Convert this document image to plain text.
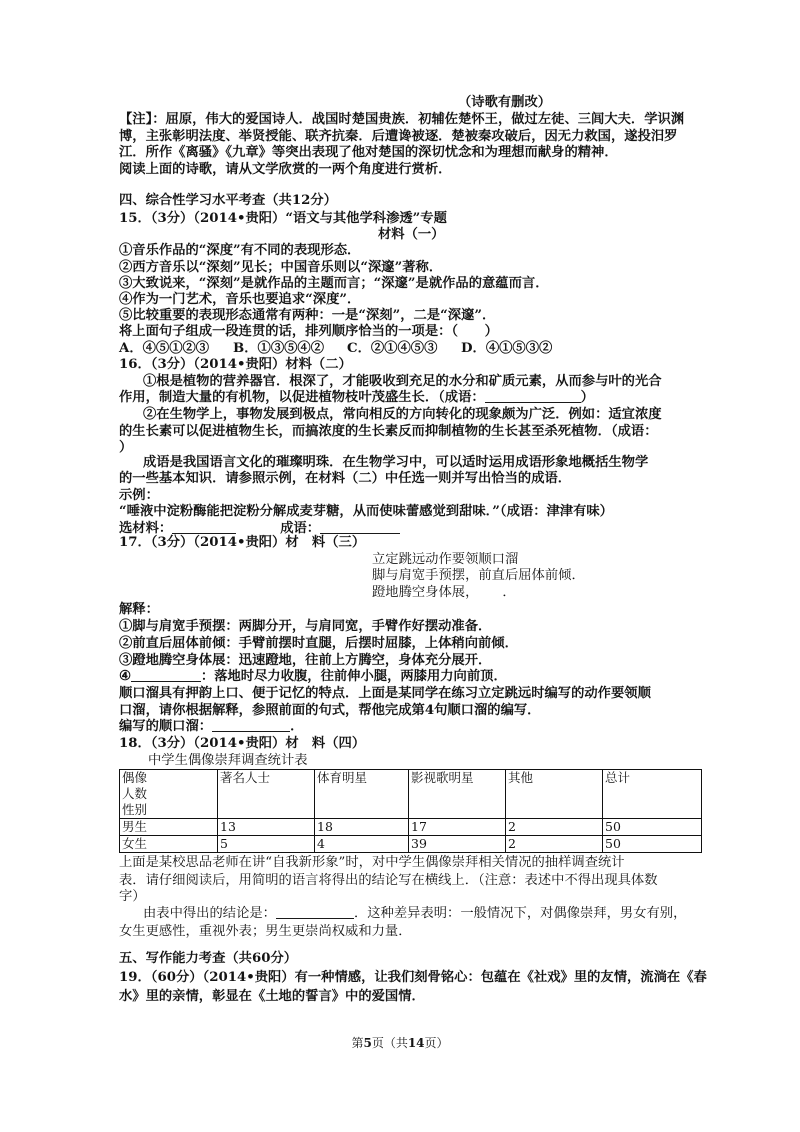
（诗歌有删改）
【注】：屈原，伟大的爱国诗人．战国时楚国贵族．初辅佐楚怀王，做过左徒、三闾大夫．学识渊
博，主张彰明法度、举贤授能、联齐抗秦．后遭谗被逐．楚被秦攻破后，因无力救国，遂投汨罗
江．所作《离骚》《九章》等突出表现了他对楚国的深切忧念和为理想而献身的精神．
阅读上面的诗歌，请从文学欣赏的一两个角度进行赏析．
四、综合性学习水平考查（共12分）
15．（3分）（2014•贵阳）“语文与其他学科渗透”专题
材料（一）
①音乐作品的“深度”有不同的表现形态．
②西方音乐以“深刻”见长；中国音乐则以“深邃”著称．
③大致说来，“深刻”是就作品的主题而言；“深邃”是就作品的意蕴而言．
④作为一门艺术，音乐也要追求“深度”．
⑤比较重要的表现形态通常有两种：一是“深刻”，二是“深邃”．
将上面句子组成一段连贯的话，排列顺序恰当的一项是：（　　）
A．④⑤①②③ B．①③⑤④② C．②①④⑤③ D．④①⑤③②
16．（3分）（2014•贵阳）材料（二）
①根是植物的营养器官．根深了，才能吸收到充足的水分和矿质元素，从而参与叶的光合
作用，制造大量的有机物，以促进植物枝叶茂盛生长．（成语：	）
②在生物学上，事物发展到极点，常向相反的方向转化的现象颇为广泛．例如：适宜浓度
的生长素可以促进植物生长，而搞浓度的生长素反而抑制植物的生长甚至杀死植物．（成语：
）
成语是我国语言文化的璀璨明珠．在生物学习中，可以适时运用成语形象地概括生物学
的一些基本知识．请参照示例，在材料（二）中任选一则并写出恰当的成语．
示例：
“唾液中淀粉酶能把淀粉分解成麦芽糖，从而使味蕾感觉到甜味．”（成语：津津有味）
选材料：	成语：
17．（3分）（2014•贵阳）材　料（三）
立定跳远动作要领顺口溜
脚与肩宽手预摆，前直后屈体前倾．
蹬地腾空身体展， ．
解释：
①脚与肩宽手预摆：两脚分开，与肩同宽，手臂作好摆动准备．
②前直后屈体前倾：手臂前摆时直腿，后摆时屈膝，上体稍向前倾．
③蹬地腾空身体展：迅速蹬地，往前上方腾空，身体充分展开．
④	：落地时尽力收腹，往前伸小腿，两膝用力向前顶．
顺口溜具有押韵上口、便于记忆的特点．上面是某同学在练习立定跳远时编写的动作要领顺
口溜，请你根据解释，参照前面的句式，帮他完成第4句顺口溜的编写．
编写的顺口溜：	．
18．（3分）（2014•贵阳）材　料（四）
中学生偶像崇拜调查统计表
偶像
人数
性别	著名人士	体育明星	影视歌明星	其他	总计
男生	13	18	17	2	50
女生	5	4	39	2	50
上面是某校思品老师在讲“自我新形象”时，对中学生偶像崇拜相关情况的抽样调查统计
表．请仔细阅读后，用简明的语言将得出的结论写在横线上．（注意：表述中不得出现具体数
字）
由表中得出的结论是：	．这种差异表明：一般情况下，对偶像崇拜，男女有别，
女生更感性，重视外表；男生更崇尚权威和力量．
五、写作能力考查（共60分）
19．（60分）（2014•贵阳）有一种情感，让我们刻骨铭心：包蕴在《社戏》里的友情，流淌在《春
水》里的亲情，彰显在《土地的誓言》中的爱国情．
第5页（共14页）
